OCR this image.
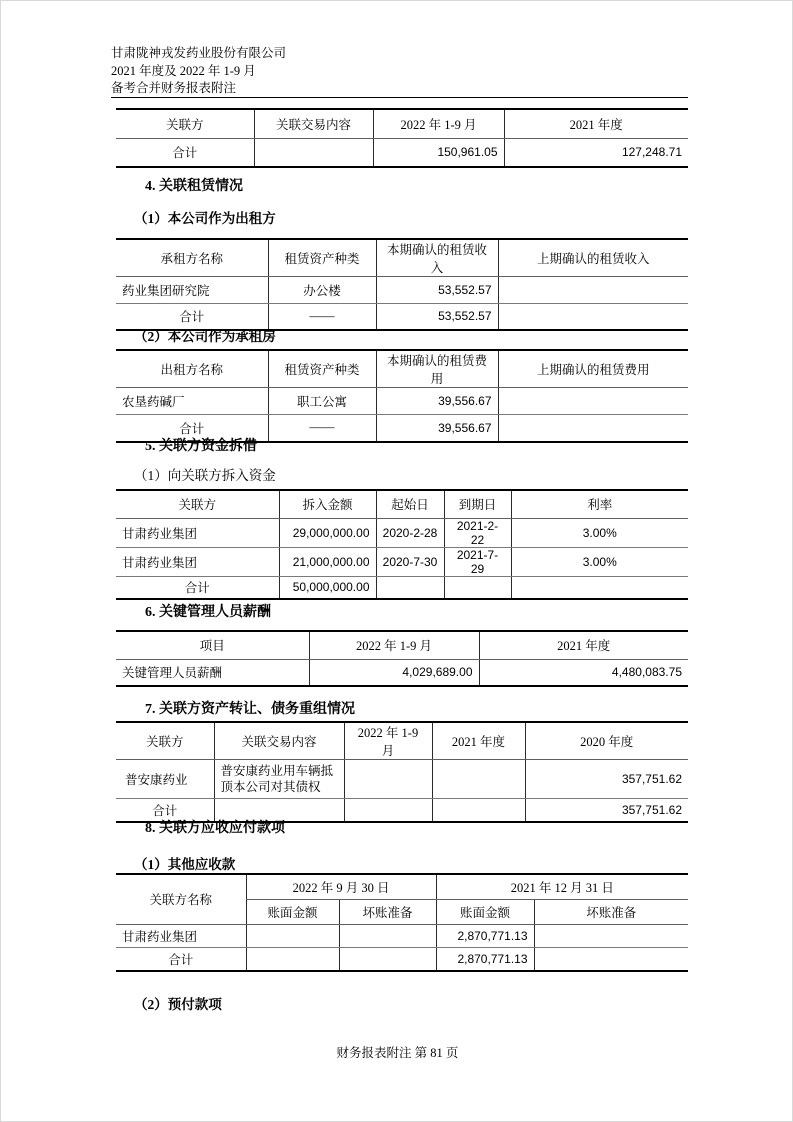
甘肃陇神戎发药业股份有限公司
2021 年度及 2022 年 1-9 月
备考合并财务报表附注
关联方	关联交易内容	2022 年 1-9 月	2021 年度
合计		150,961.05	127,248.71
4. 关联租赁情况
（1）本公司作为出租方
承租方名称	租赁资产种类	本期确认的租赁收入	上期确认的租赁收入
药业集团研究院	办公楼	53,552.57	
合计	——	53,552.57	
（2）本公司作为承租房
出租方名称	租赁资产种类	本期确认的租赁费用	上期确认的租赁费用
农垦药碱厂	职工公寓	39,556.67	
合计	——	39,556.67	
5. 关联方资金拆借
（1）向关联方拆入资金
关联方	拆入金额	起始日	到期日	利率
甘肃药业集团	29,000,000.00	2020-2-28	2021-2-22	3.00%
甘肃药业集团	21,000,000.00	2020-7-30	2021-7-29	3.00%
合计	50,000,000.00			
6. 关键管理人员薪酬
项目	2022 年 1-9 月	2021 年度
关键管理人员薪酬	4,029,689.00	4,480,083.75
7. 关联方资产转让、债务重组情况
关联方	关联交易内容	2022 年 1-9 月	2021 年度	2020 年度
普安康药业	普安康药业用车辆抵顶本公司对其债权			357,751.62
合计				357,751.62
8. 关联方应收应付款项
（1）其他应收款
关联方名称	2022 年 9 月 30 日		2021 年 12 月 31 日	
	账面金额	坏账准备	账面金额	坏账准备
甘肃药业集团			2,870,771.13	
合计			2,870,771.13	
（2）预付款项
财务报表附注 第 81 页
